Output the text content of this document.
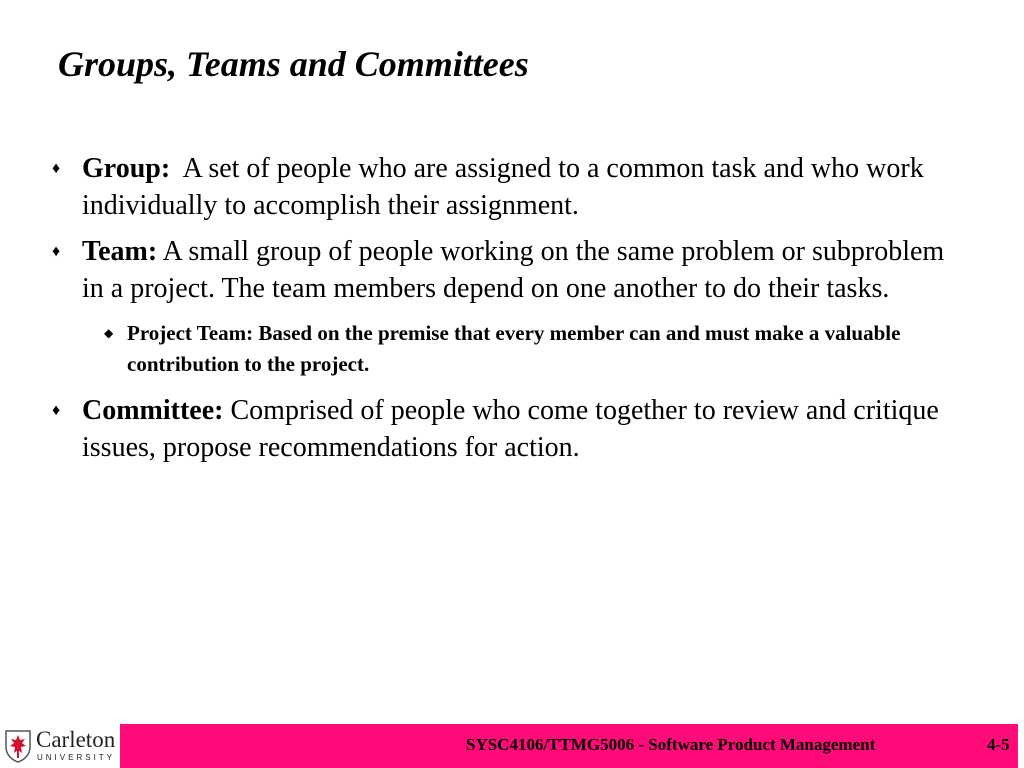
Groups, Teams and Committees
♦ Group: A set of people who are assigned to a common task and who work individually to accomplish their assignment.
♦ Team: A small group of people working on the same problem or subproblem in a project. The team members depend on one another to do their tasks.
◆ Project Team: Based on the premise that every member can and must make a valuable contribution to the project.
♦ Committee: Comprised of people who come together to review and critique issues, propose recommendations for action.
Carleton
UNIVERSITY
SYSC4106/TTMG5006 - Software Product Management	4-5
